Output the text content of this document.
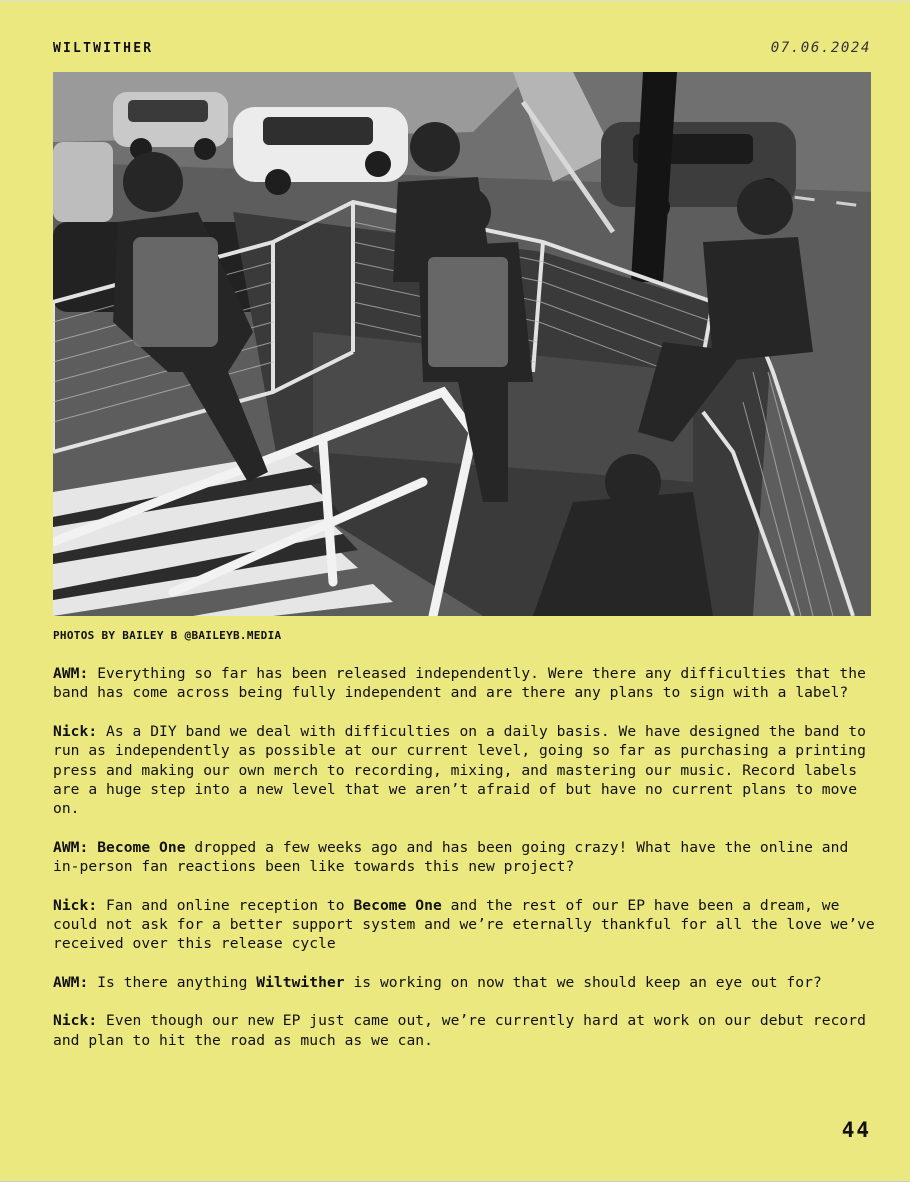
WILTWITHER	07.06.2024
PHOTOS BY BAILEY B @BAILEYB.MEDIA

AWM: Everything so far has been released independently. Were there any difficulties that the band has come across being fully independent and are there any plans to sign with a label?

Nick: As a DIY band we deal with difficulties on a daily basis. We have designed the band to run as independently as possible at our current level, going so far as purchasing a printing press and making our own merch to recording, mixing, and mastering our music. Record labels are a huge step into a new level that we aren’t afraid of but have no current plans to move on.

AWM: Become One dropped a few weeks ago and has been going crazy! What have the online and in-person fan reactions been like towards this new project?

Nick: Fan and online reception to Become One and the rest of our EP have been a dream, we could not ask for a better support system and we’re eternally thankful for all the love we’ve received over this release cycle

AWM: Is there anything Wiltwither is working on now that we should keep an eye out for?

Nick: Even though our new EP just came out, we’re currently hard at work on our debut record and plan to hit the road as much as we can.

44
